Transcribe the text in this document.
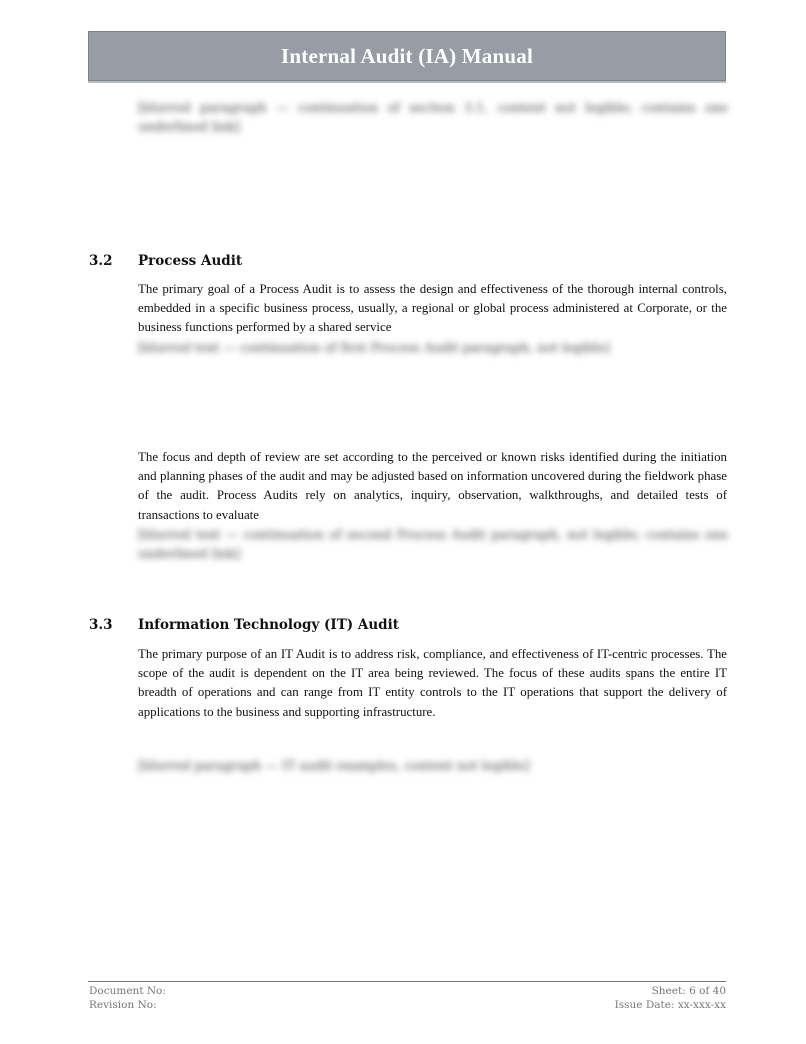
Internal Audit (IA) Manual
[blurred paragraph — continuation of section 3.1, content not legible; contains one underlined link]
3.2 Process Audit

The primary goal of a Process Audit is to assess the design and effectiveness of the thorough internal controls, embedded in a specific business process, usually, a regional or global process administered at Corporate, or the business functions performed by a shared service

[blurred text — continuation of first Process Audit paragraph, not legible]

The focus and depth of review are set according to the perceived or known risks identified during the initiation and planning phases of the audit and may be adjusted based on information uncovered during the fieldwork phase of the audit. Process Audits rely on analytics, inquiry, observation, walkthroughs, and detailed tests of transactions to evaluate

[blurred text — continuation of second Process Audit paragraph, not legible; contains one underlined link]
3.3 Information Technology (IT) Audit

The primary purpose of an IT Audit is to address risk, compliance, and effectiveness of IT-centric processes. The scope of the audit is dependent on the IT area being reviewed. The focus of these audits spans the entire IT breadth of operations and can range from IT entity controls to the IT operations that support the delivery of applications to the business and supporting infrastructure.

[blurred paragraph — IT audit examples, content not legible]
Document No:
Revision No:
Sheet: 6 of 40
Issue Date: xx-xxx-xx
